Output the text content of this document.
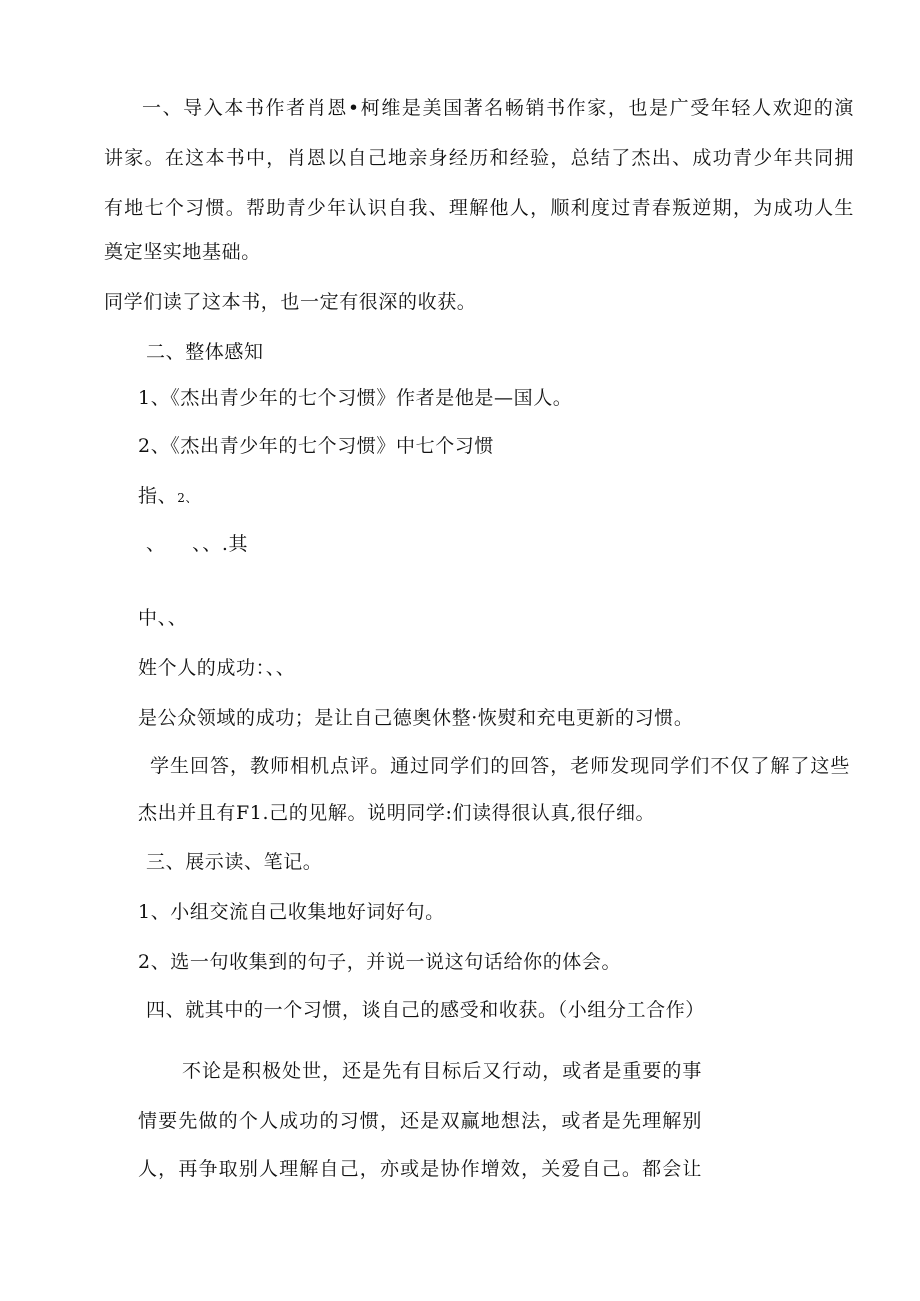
一、导入本书作者肖恩•柯维是美国著名畅销书作家，也是广受年轻人欢迎的演
讲家。在这本书中，肖恩以自己地亲身经历和经验，总结了杰出、成功青少年共同拥
有地七个习惯。帮助青少年认识自我、理解他人，顺利度过青春叛逆期，为成功人生
奠定坚实地基础。
同学们读了这本书，也一定有很深的收获。
二、整体感知
1、《杰出青少年的七个习惯》作者是他是—国人。
2、《杰出青少年的七个习惯》中七个习惯
指、2、
、    、、.其
中、、
姓个人的成功：、、
是公众领域的成功；是让自己德奥休整·恢熨和充电更新的习惯。
学生回答，教师相机点评。通过同学们的回答，老师发现同学们不仅了解了这些
杰出并且有F1.己的见解。说明同学:们读得很认真,很仔细。
三、展示读、笔记。
1、小组交流自己收集地好词好句。
2、选一句收集到的句子，并说一说这句话给你的体会。
四、就其中的一个习惯，谈自己的感受和收获。（小组分工合作）
不论是积极处世，还是先有目标后又行动，或者是重要的事
情要先做的个人成功的习惯，还是双赢地想法，或者是先理解别
人，再争取别人理解自己，亦或是协作增效，关爱自己。都会让
